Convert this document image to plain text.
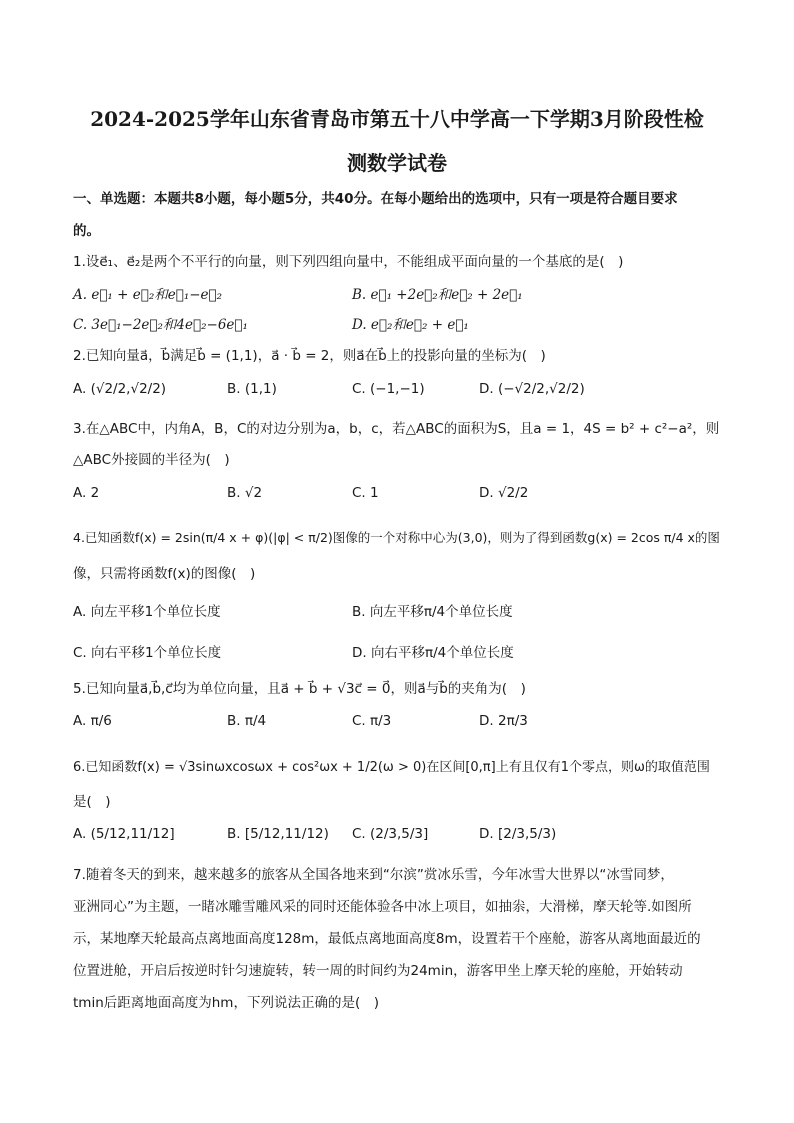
2024-2025学年山东省青岛市第五十八中学高一下学期3月阶段性检
测数学试卷
一、单选题：本题共8小题，每小题5分，共40分。在每小题给出的选项中，只有一项是符合题目要求
的。
1.设e⃗₁、e⃗₂是两个不平行的向量，则下列四组向量中，不能组成平面向量的一个基底的是(　)
A. e⃗₁ + e⃗₂和e⃗₁−e⃗₂	B. e⃗₁ +2e⃗₂和e⃗₂ + 2e⃗₁
C. 3e⃗₁−2e⃗₂和4e⃗₂−6e⃗₁	D. e⃗₂和e⃗₂ + e⃗₁
2.已知向量a⃗，b⃗满足b⃗ = (1,1)，a⃗ · b⃗ = 2，则a⃗在b⃗上的投影向量的坐标为(　)
A. (√2/2,√2/2)	B. (1,1)	C. (−1,−1)	D. (−√2/2,√2/2)
3.在△ABC中，内角A，B，C的对边分别为a，b，c，若△ABC的面积为S，且a = 1，4S = b² + c²−a²，则
△ABC外接圆的半径为(　)
A. 2	B. √2	C. 1	D. √2/2
4.已知函数f(x) = 2sin(π/4 x + φ)(|φ| < π/2)图像的一个对称中心为(3,0)，则为了得到函数g(x) = 2cos π/4 x的图
像，只需将函数f(x)的图像(　)
A. 向左平移1个单位长度	B. 向左平移π/4个单位长度
C. 向右平移1个单位长度	D. 向右平移π/4个单位长度
5.已知向量a⃗,b⃗,c⃗均为单位向量，且a⃗ + b⃗ + √3c⃗ = 0⃗，则a⃗与b⃗的夹角为(　)
A. π/6	B. π/4	C. π/3	D. 2π/3
6.已知函数f(x) = √3sinωxcosωx + cos²ωx + 1/2(ω > 0)在区间[0,π]上有且仅有1个零点，则ω的取值范围
是(　)
A. (5/12,11/12]	B. [5/12,11/12) C. (2/3,5/3]	D. [2/3,5/3)
7.随着冬天的到来，越来越多的旅客从全国各地来到“尔滨”赏冰乐雪，今年冰雪大世界以“冰雪同梦，
亚洲同心”为主题，一睹冰雕雪雕风采的同时还能体验各中冰上项目，如抽尜，大滑梯，摩天轮等.如图所
示，某地摩天轮最高点离地面高度128m，最低点离地面高度8m，设置若干个座舱，游客从离地面最近的
位置进舱，开启后按逆时针匀速旋转，转一周的时间约为24min，游客甲坐上摩天轮的座舱，开始转动
tmin后距离地面高度为hm，下列说法正确的是(　)
